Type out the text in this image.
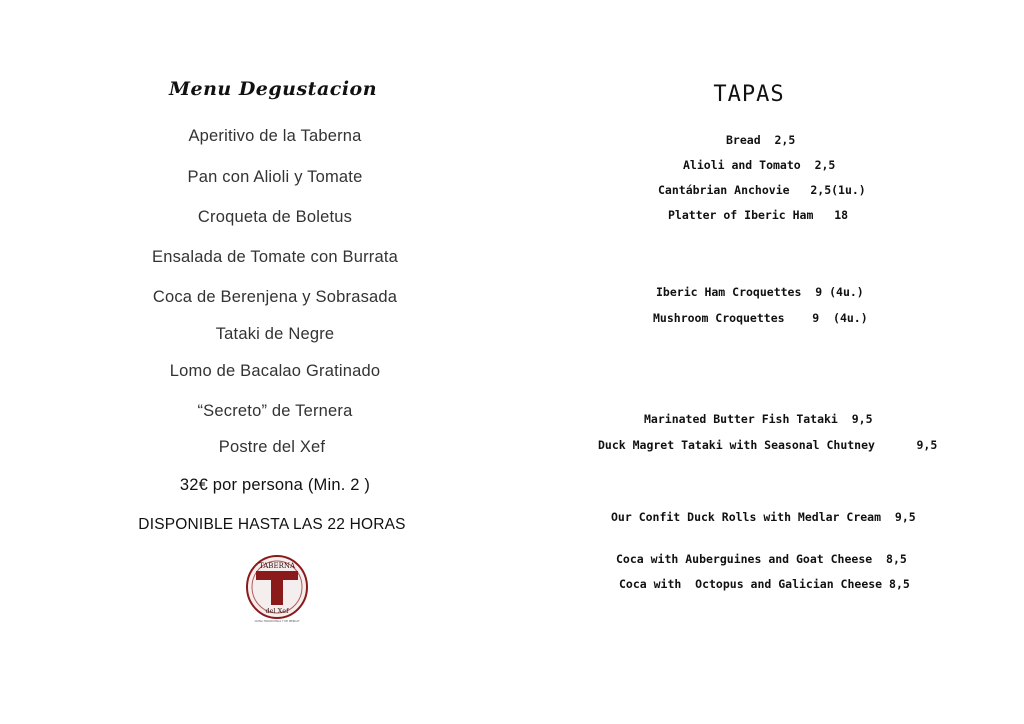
Menu Degustacion
Aperitivo de la Taberna
Pan con Alioli y Tomate
Croqueta de Boletus
Ensalada de Tomate con Burrata
Coca de Berenjena y Sobrasada
Tataki de Negre
Lomo de Bacalao Gratinado
“Secreto” de Ternera
Postre del Xef
32€ por persona (Min. 2 )
DISPONIBLE HASTA LAS 22 HORAS
TABERNA
del Xef
CUINA TRADICIONAL Y DE MERCAT
TAPAS
Bread 2,5
Alioli and Tomato 2,5
Cantábrian Anchovie 2,5(1u.)
Platter of Iberic Ham 18
Iberic Ham Croquettes 9 (4u.)
Mushroom Croquettes 9  (4u.)
Marinated Butter Fish Tataki 9,5
Duck Magret Tataki with Seasonal Chutney	9,5
Our Confit Duck Rolls with Medlar Cream 9,5
Coca with Auberguines and Goat Cheese 8,5
Coca with  Octopus and Galician Cheese 8,5
